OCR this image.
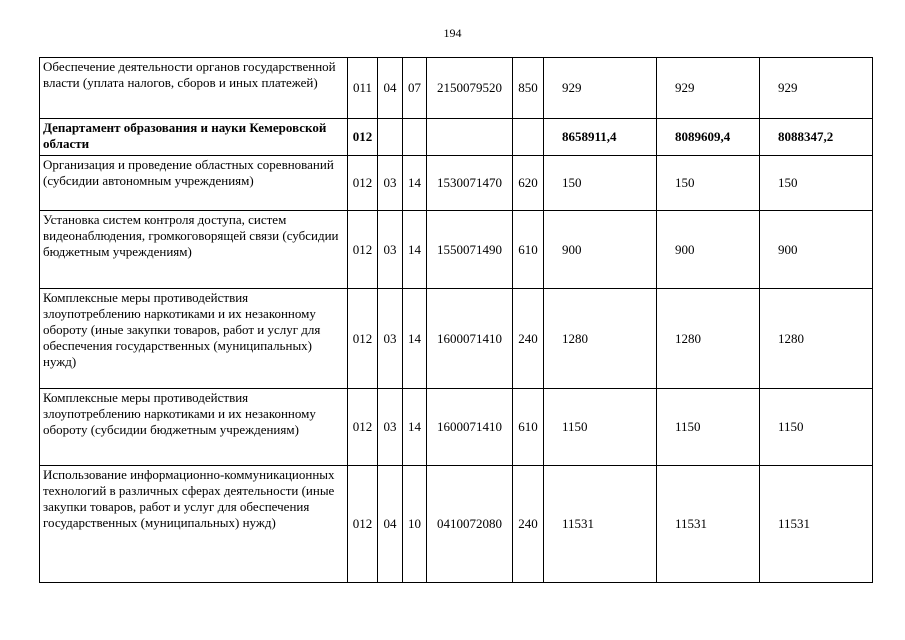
194
Обеспечение деятельности органов государственной власти (уплата налогов, сборов и иных платежей)	011	04	07	2150079520	850	929	929	929
Департамент образования и науки Кемеровской области	012					8658911,4	8089609,4	8088347,2
Организация и проведение областных соревнований (субсидии автономным учреждениям)	012	03	14	1530071470	620	150	150	150
Установка систем контроля доступа, систем видеонаблюдения, громкоговорящей связи (субсидии бюджетным учреждениям)	012	03	14	1550071490	610	900	900	900
Комплексные меры противодействия злоупотреблению наркотиками и их незаконному обороту (иные закупки товаров, работ и услуг для обеспечения государственных (муниципальных) нужд)	012	03	14	1600071410	240	1280	1280	1280
Комплексные меры противодействия злоупотреблению наркотиками и их незаконному обороту (субсидии бюджетным учреждениям)	012	03	14	1600071410	610	1150	1150	1150
Использование информационно-коммуникационных технологий в различных сферах деятельности (иные закупки товаров, работ и услуг для обеспечения государственных (муниципальных) нужд)	012	04	10	0410072080	240	11531	11531	11531
